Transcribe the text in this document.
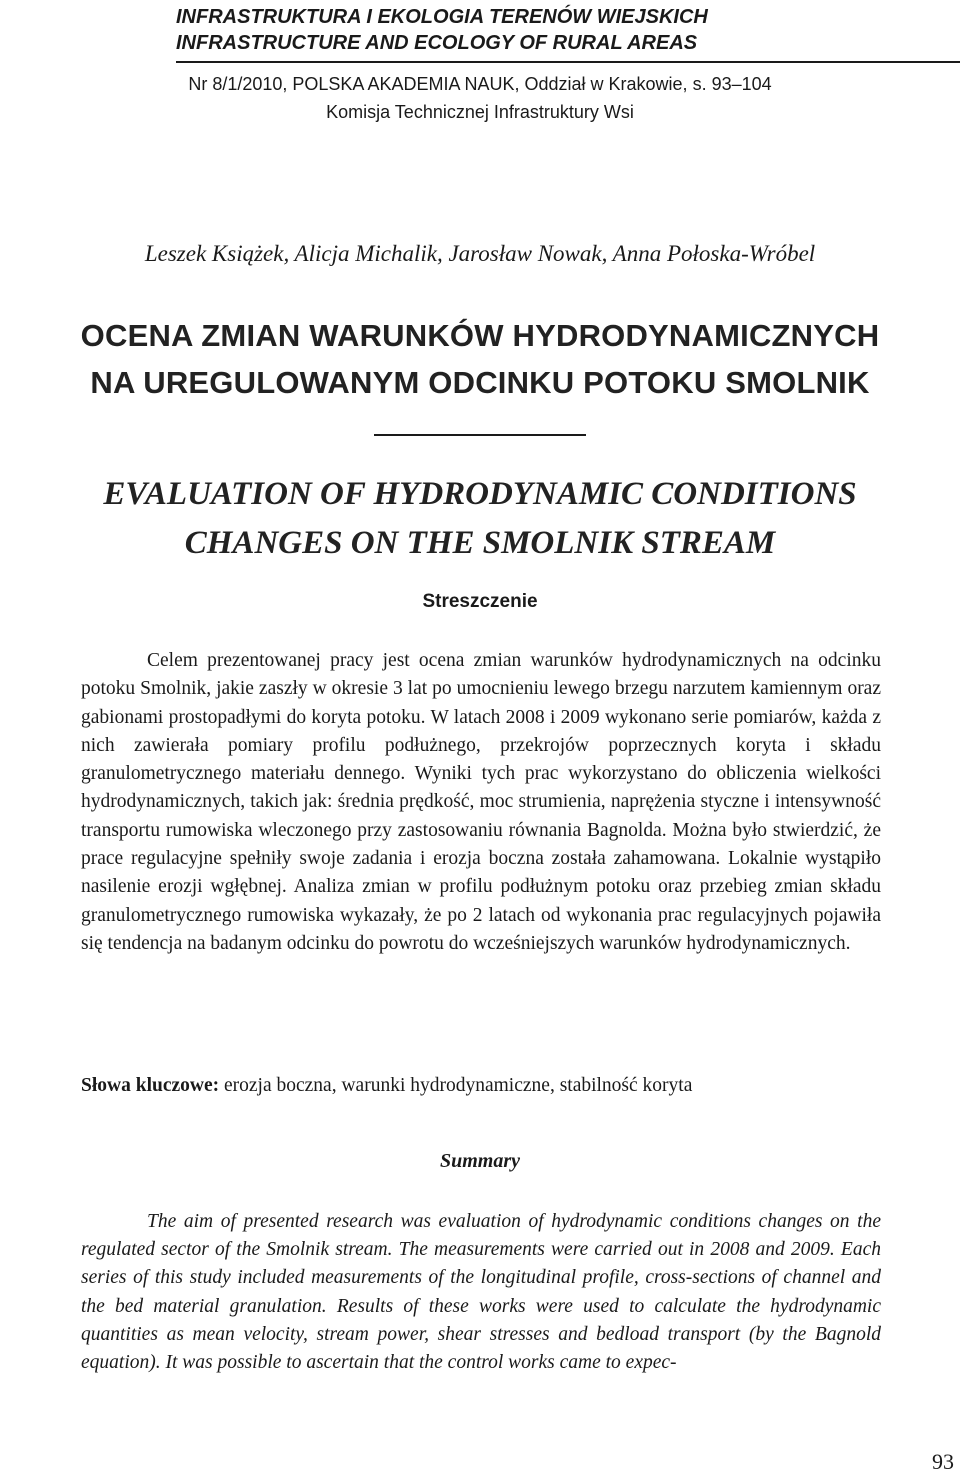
INFRASTRUKTURA I EKOLOGIA TERENÓW WIEJSKICH
INFRASTRUCTURE AND ECOLOGY OF RURAL AREAS
Nr 8/1/2010, POLSKA AKADEMIA NAUK, Oddział w Krakowie, s. 93–104
Komisja Technicznej Infrastruktury Wsi
Leszek Książek, Alicja Michalik, Jarosław Nowak, Anna Połoska-Wróbel
OCENA ZMIAN WARUNKÓW HYDRODYNAMICZNYCH
NA UREGULOWANYM ODCINKU POTOKU SMOLNIK
EVALUATION OF HYDRODYNAMIC CONDITIONS
CHANGES ON THE SMOLNIK STREAM
Streszczenie
Celem prezentowanej pracy jest ocena zmian warunków hydrodynamicznych na odcinku potoku Smolnik, jakie zaszły w okresie 3 lat po umocnieniu lewego brzegu narzutem kamiennym oraz gabionami prostopadłymi do koryta potoku. W latach 2008 i 2009 wykonano serie pomiarów, każda z nich zawierała pomiary profilu podłużnego, przekrojów poprzecznych koryta i składu granulometrycznego materiału dennego. Wyniki tych prac wykorzystano do obliczenia wielkości hydrodynamicznych, takich jak: średnia prędkość, moc strumienia, naprężenia styczne i intensywność transportu rumowiska wleczonego przy zastosowaniu równania Bagnolda. Można było stwierdzić, że prace regulacyjne spełniły swoje zadania i erozja boczna została zahamowana. Lokalnie wystąpiło nasilenie erozji wgłębnej. Analiza zmian w profilu podłużnym potoku oraz przebieg zmian składu granulometrycznego rumowiska wykazały, że po 2 latach od wykonania prac regulacyjnych pojawiła się tendencja na badanym odcinku do powrotu do wcześniejszych warunków hydrodynamicznych.
Słowa kluczowe: erozja boczna, warunki hydrodynamiczne, stabilność koryta
Summary
The aim of presented research was evaluation of hydrodynamic conditions changes on the regulated sector of the Smolnik stream. The measurements were carried out in 2008 and 2009. Each series of this study included measurements of the longitudinal profile, cross-sections of channel and the bed material granulation. Results of these works were used to calculate the hydrodynamic quantities as mean velocity, stream power, shear stresses and bedload transport (by the Bagnold equation). It was possible to ascertain that the control works came to expec-
93
